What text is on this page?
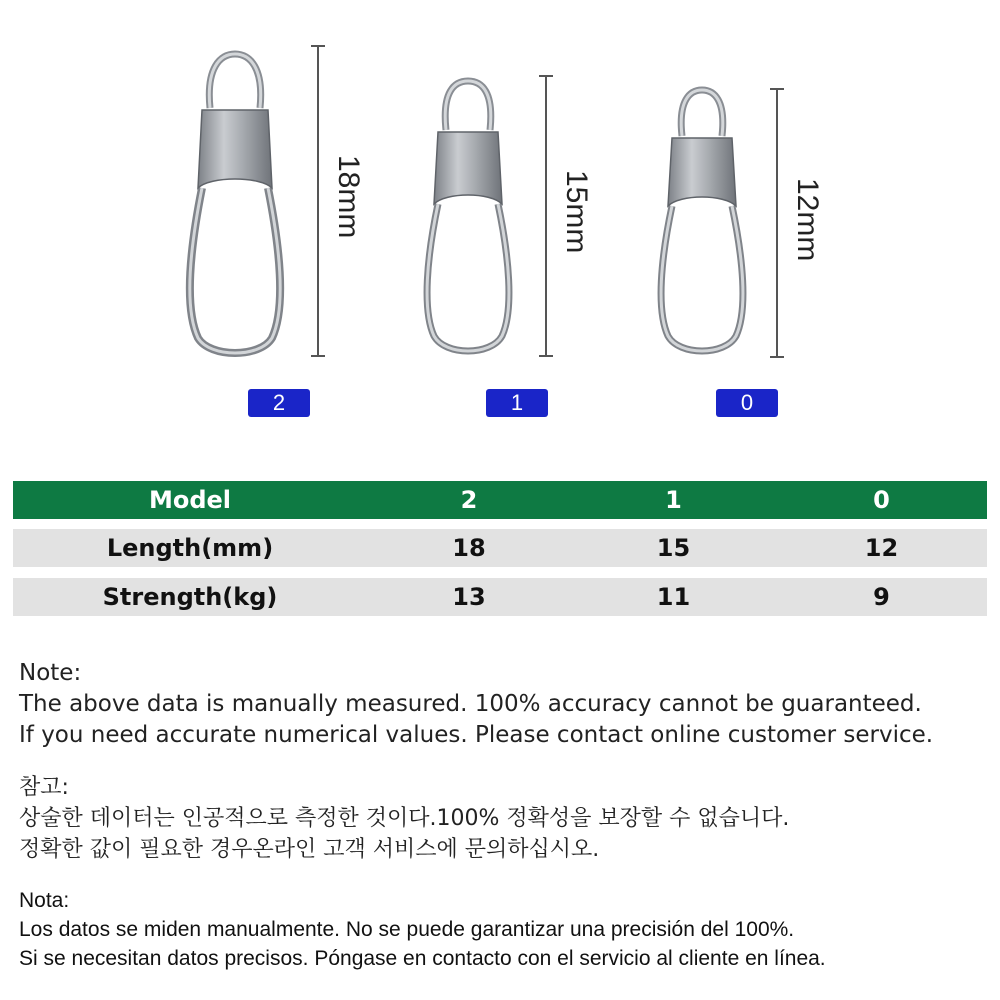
18mm	15mm	12mm
2	1	0
Model	2	1	0
Length(mm)	18	15	12
Strength(kg)	13	11	9
Note:
The above data is manually measured. 100% accuracy cannot be guaranteed.
If you need accurate numerical values. Please contact online customer service.
참고:
상술한 데이터는 인공적으로 측정한 것이다.100% 정확성을 보장할 수 없습니다.
정확한 값이 필요한 경우온라인 고객 서비스에 문의하십시오.
Nota:
Los datos se miden manualmente. No se puede garantizar una precisión del 100%.
Si se necesitan datos precisos. Póngase en contacto con el servicio al cliente en línea.
